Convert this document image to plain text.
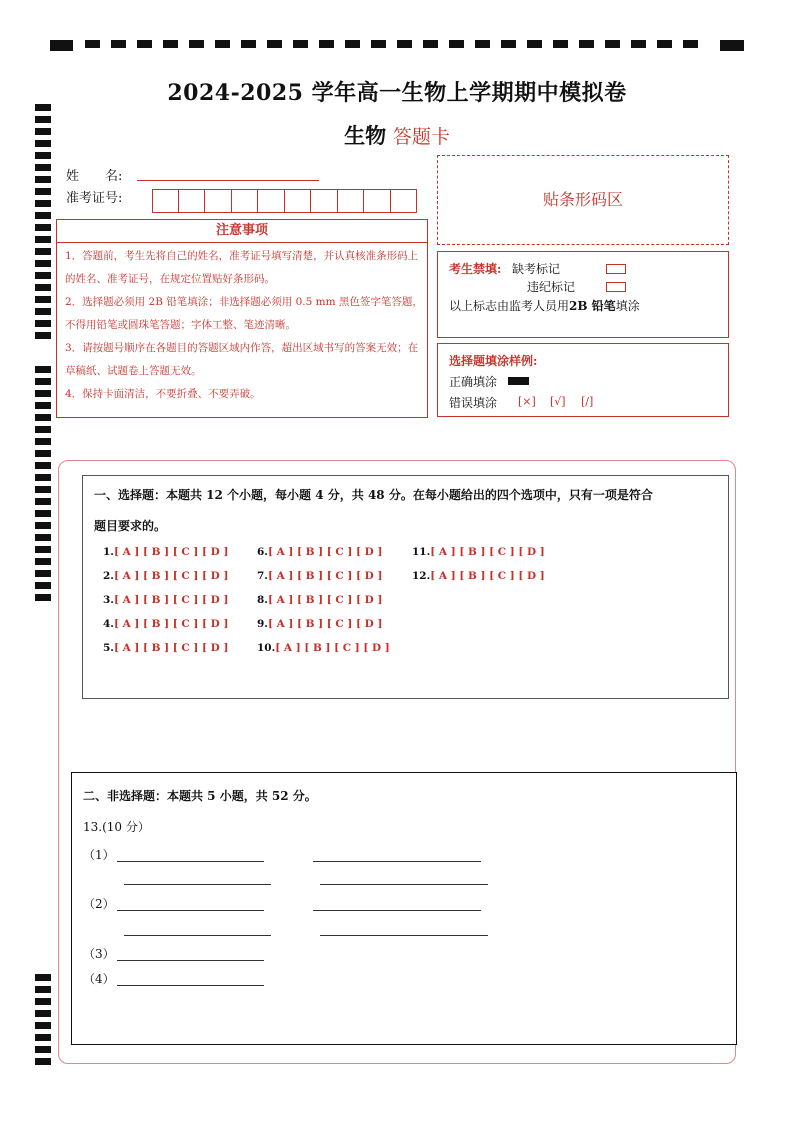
2024-2025 学年高一生物上学期期中模拟卷
生物 答题卡
姓　　名:
准考证号:	贴条形码区
注意事项
1．答题前，考生先将自己的姓名，准考证号填写清楚，并认真核准条形码上的姓名、准考证号，在规定位置贴好条形码。
2．选择题必须用 2B 铅笔填涂；非选择题必须用 0.5 mm 黑色签字笔答题，不得用铅笔或圆珠笔答题；字体工整、笔迹清晰。
3．请按题号顺序在各题目的答题区域内作答，超出区域书写的答案无效；在草稿纸、试题卷上答题无效。
4．保持卡面清洁，不要折叠、不要弄破。
考生禁填: 缺考标记
违纪标记
以上标志由监考人员用2B 铅笔填涂
选择题填涂样例:
正确填涂
错误填涂 [×] [√] [/]
一、选择题：本题共 12 个小题，每小题 4 分，共 48 分。在每小题给出的四个选项中，只有一项是符合
题目要求的。
1.[ A ] [ B ] [ C ] [ D ]
2.[ A ] [ B ] [ C ] [ D ]
3.[ A ] [ B ] [ C ] [ D ]
4.[ A ] [ B ] [ C ] [ D ]
5.[ A ] [ B ] [ C ] [ D ]
6.[ A ] [ B ] [ C ] [ D ]
7.[ A ] [ B ] [ C ] [ D ]
8.[ A ] [ B ] [ C ] [ D ]
9.[ A ] [ B ] [ C ] [ D ]
10.[ A ] [ B ] [ C ] [ D ]
11.[ A ] [ B ] [ C ] [ D ]
12.[ A ] [ B ] [ C ] [ D ]
二、非选择题：本题共 5 小题，共 52 分。
13.(10 分）
（1）
（2）
（3）
（4）
